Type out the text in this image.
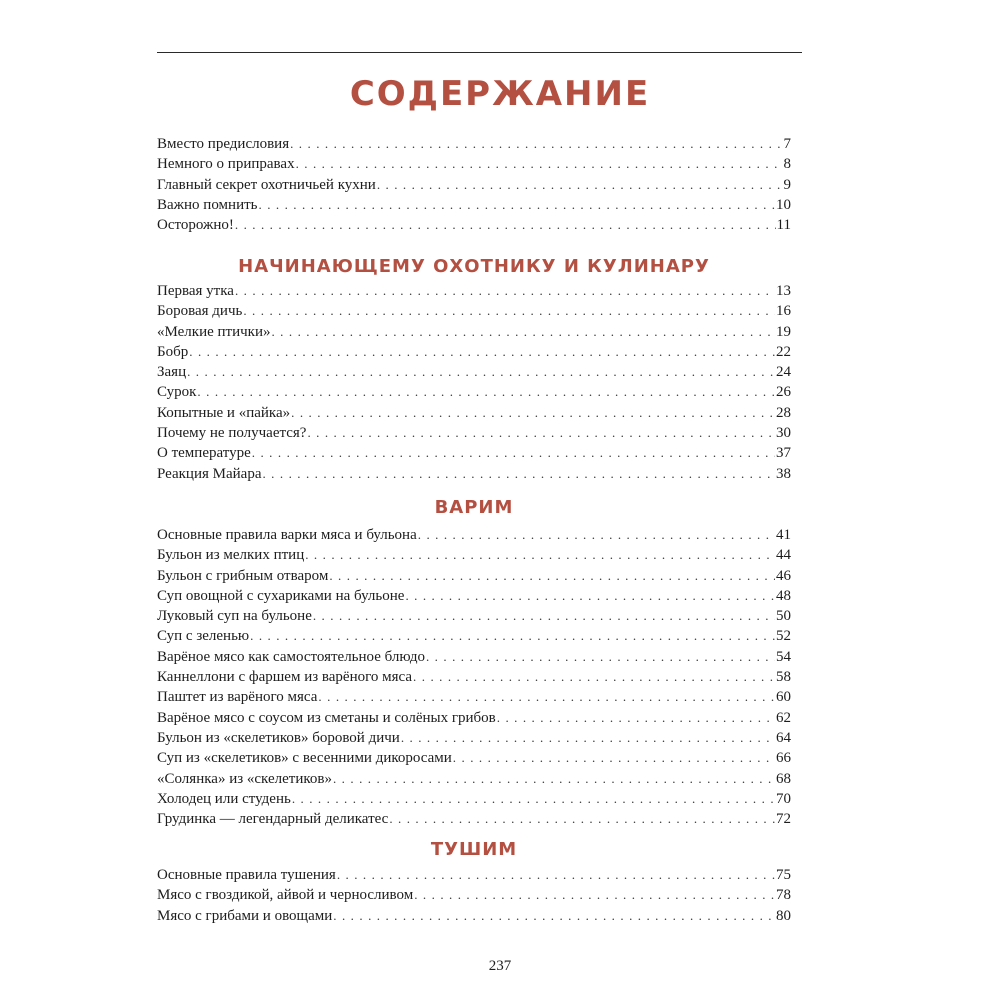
СОДЕРЖАНИЕ
Вместо предисловия . . .	7
Немного о приправах . . .	8
Главный секрет охотничьей кухни . . .	9
Важно помнить . . .	10
Осторожно! . . .	11
НАЧИНАЮЩЕМУ ОХОТНИКУ И КУЛИНАРУ
Первая утка . . .	13
Боровая дичь . . .	16
«Мелкие птички» . . .	19
Бобр . . .	22
Заяц . . .	24
Сурок . . .	26
Копытные и «пайка» . . .	28
Почему не получается? . . .	30
О температуре . . .	37
Реакция Майара . . .	38
ВАРИМ
Основные правила варки мяса и бульона . . .	41
Бульон из мелких птиц . . .	44
Бульон с грибным отваром . . .	46
Суп овощной с сухариками на бульоне . . .	48
Луковый суп на бульоне . . .	50
Суп с зеленью . . .	52
Варёное мясо как самостоятельное блюдо . . .	54
Каннеллони с фаршем из варёного мяса . . .	58
Паштет из варёного мяса . . .	60
Варёное мясо с соусом из сметаны и солёных грибов . . .	62
Бульон из «скелетиков» боровой дичи . . .	64
Суп из «скелетиков» с весенними дикоросами . . .	66
«Солянка» из «скелетиков» . . .	68
Холодец или студень . . .	70
Грудинка — легендарный деликатес . . .	72
ТУШИМ
Основные правила тушения . . .	75
Мясо с гвоздикой, айвой и черносливом . . .	78
Мясо с грибами и овощами . . .	80
237
